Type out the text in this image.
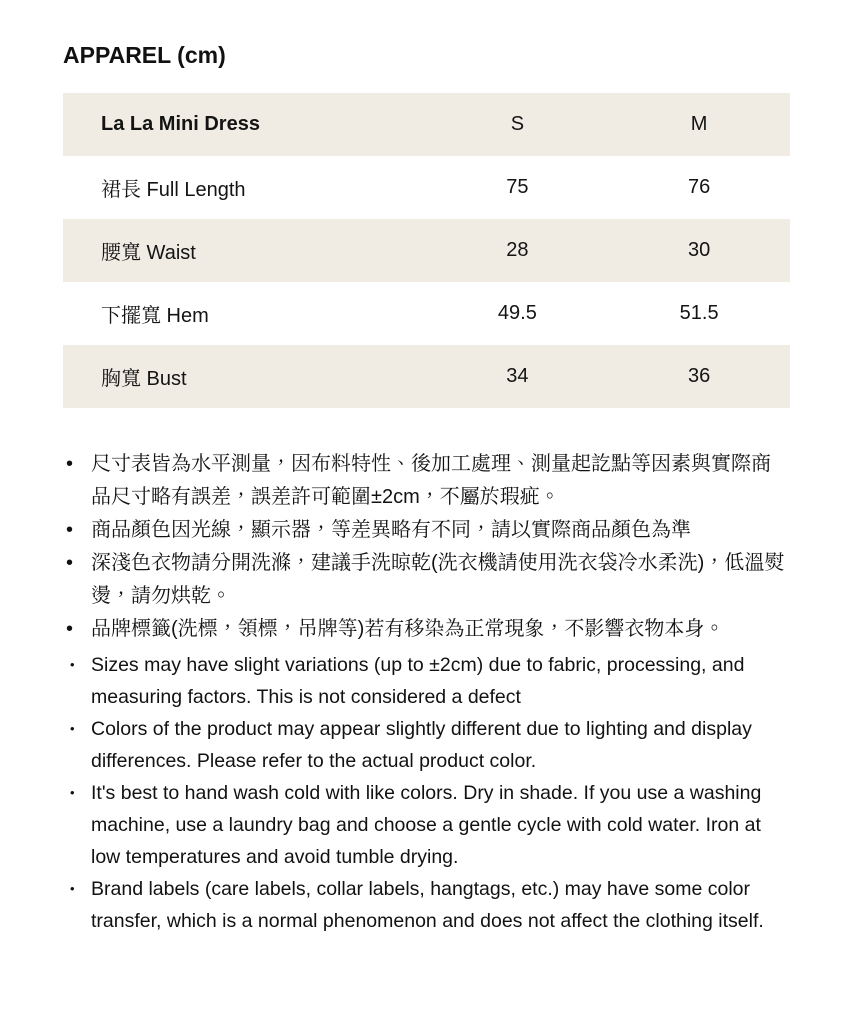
APPAREL (cm)
La La Mini Dress	S	M
裙長 Full Length	75	76
腰寬 Waist	28	30
下擺寬 Hem	49.5	51.5
胸寬 Bust	34	36
• 尺寸表皆為水平測量，因布料特性、後加工處理、測量起訖點等因素與實際商品尺寸略有誤差，誤差許可範圍±2cm，不屬於瑕疵。
• 商品顏色因光線，顯示器，等差異略有不同，請以實際商品顏色為準
• 深淺色衣物請分開洗滌，建議手洗晾乾(洗衣機請使用洗衣袋冷水柔洗)，低溫熨燙，請勿烘乾。
• 品牌標籤(洗標，領標，吊牌等)若有移染為正常現象，不影響衣物本身。
• Sizes may have slight variations (up to ±2cm) due to fabric, processing, and measuring factors. This is not considered a defect
• Colors of the product may appear slightly different due to lighting and display differences. Please refer to the actual product color.
• It's best to hand wash cold with like colors. Dry in shade. If you use a washing machine, use a laundry bag and choose a gentle cycle with cold water. Iron at low temperatures and avoid tumble drying.
• Brand labels (care labels, collar labels, hangtags, etc.) may have some color transfer, which is a normal phenomenon and does not affect the clothing itself.
